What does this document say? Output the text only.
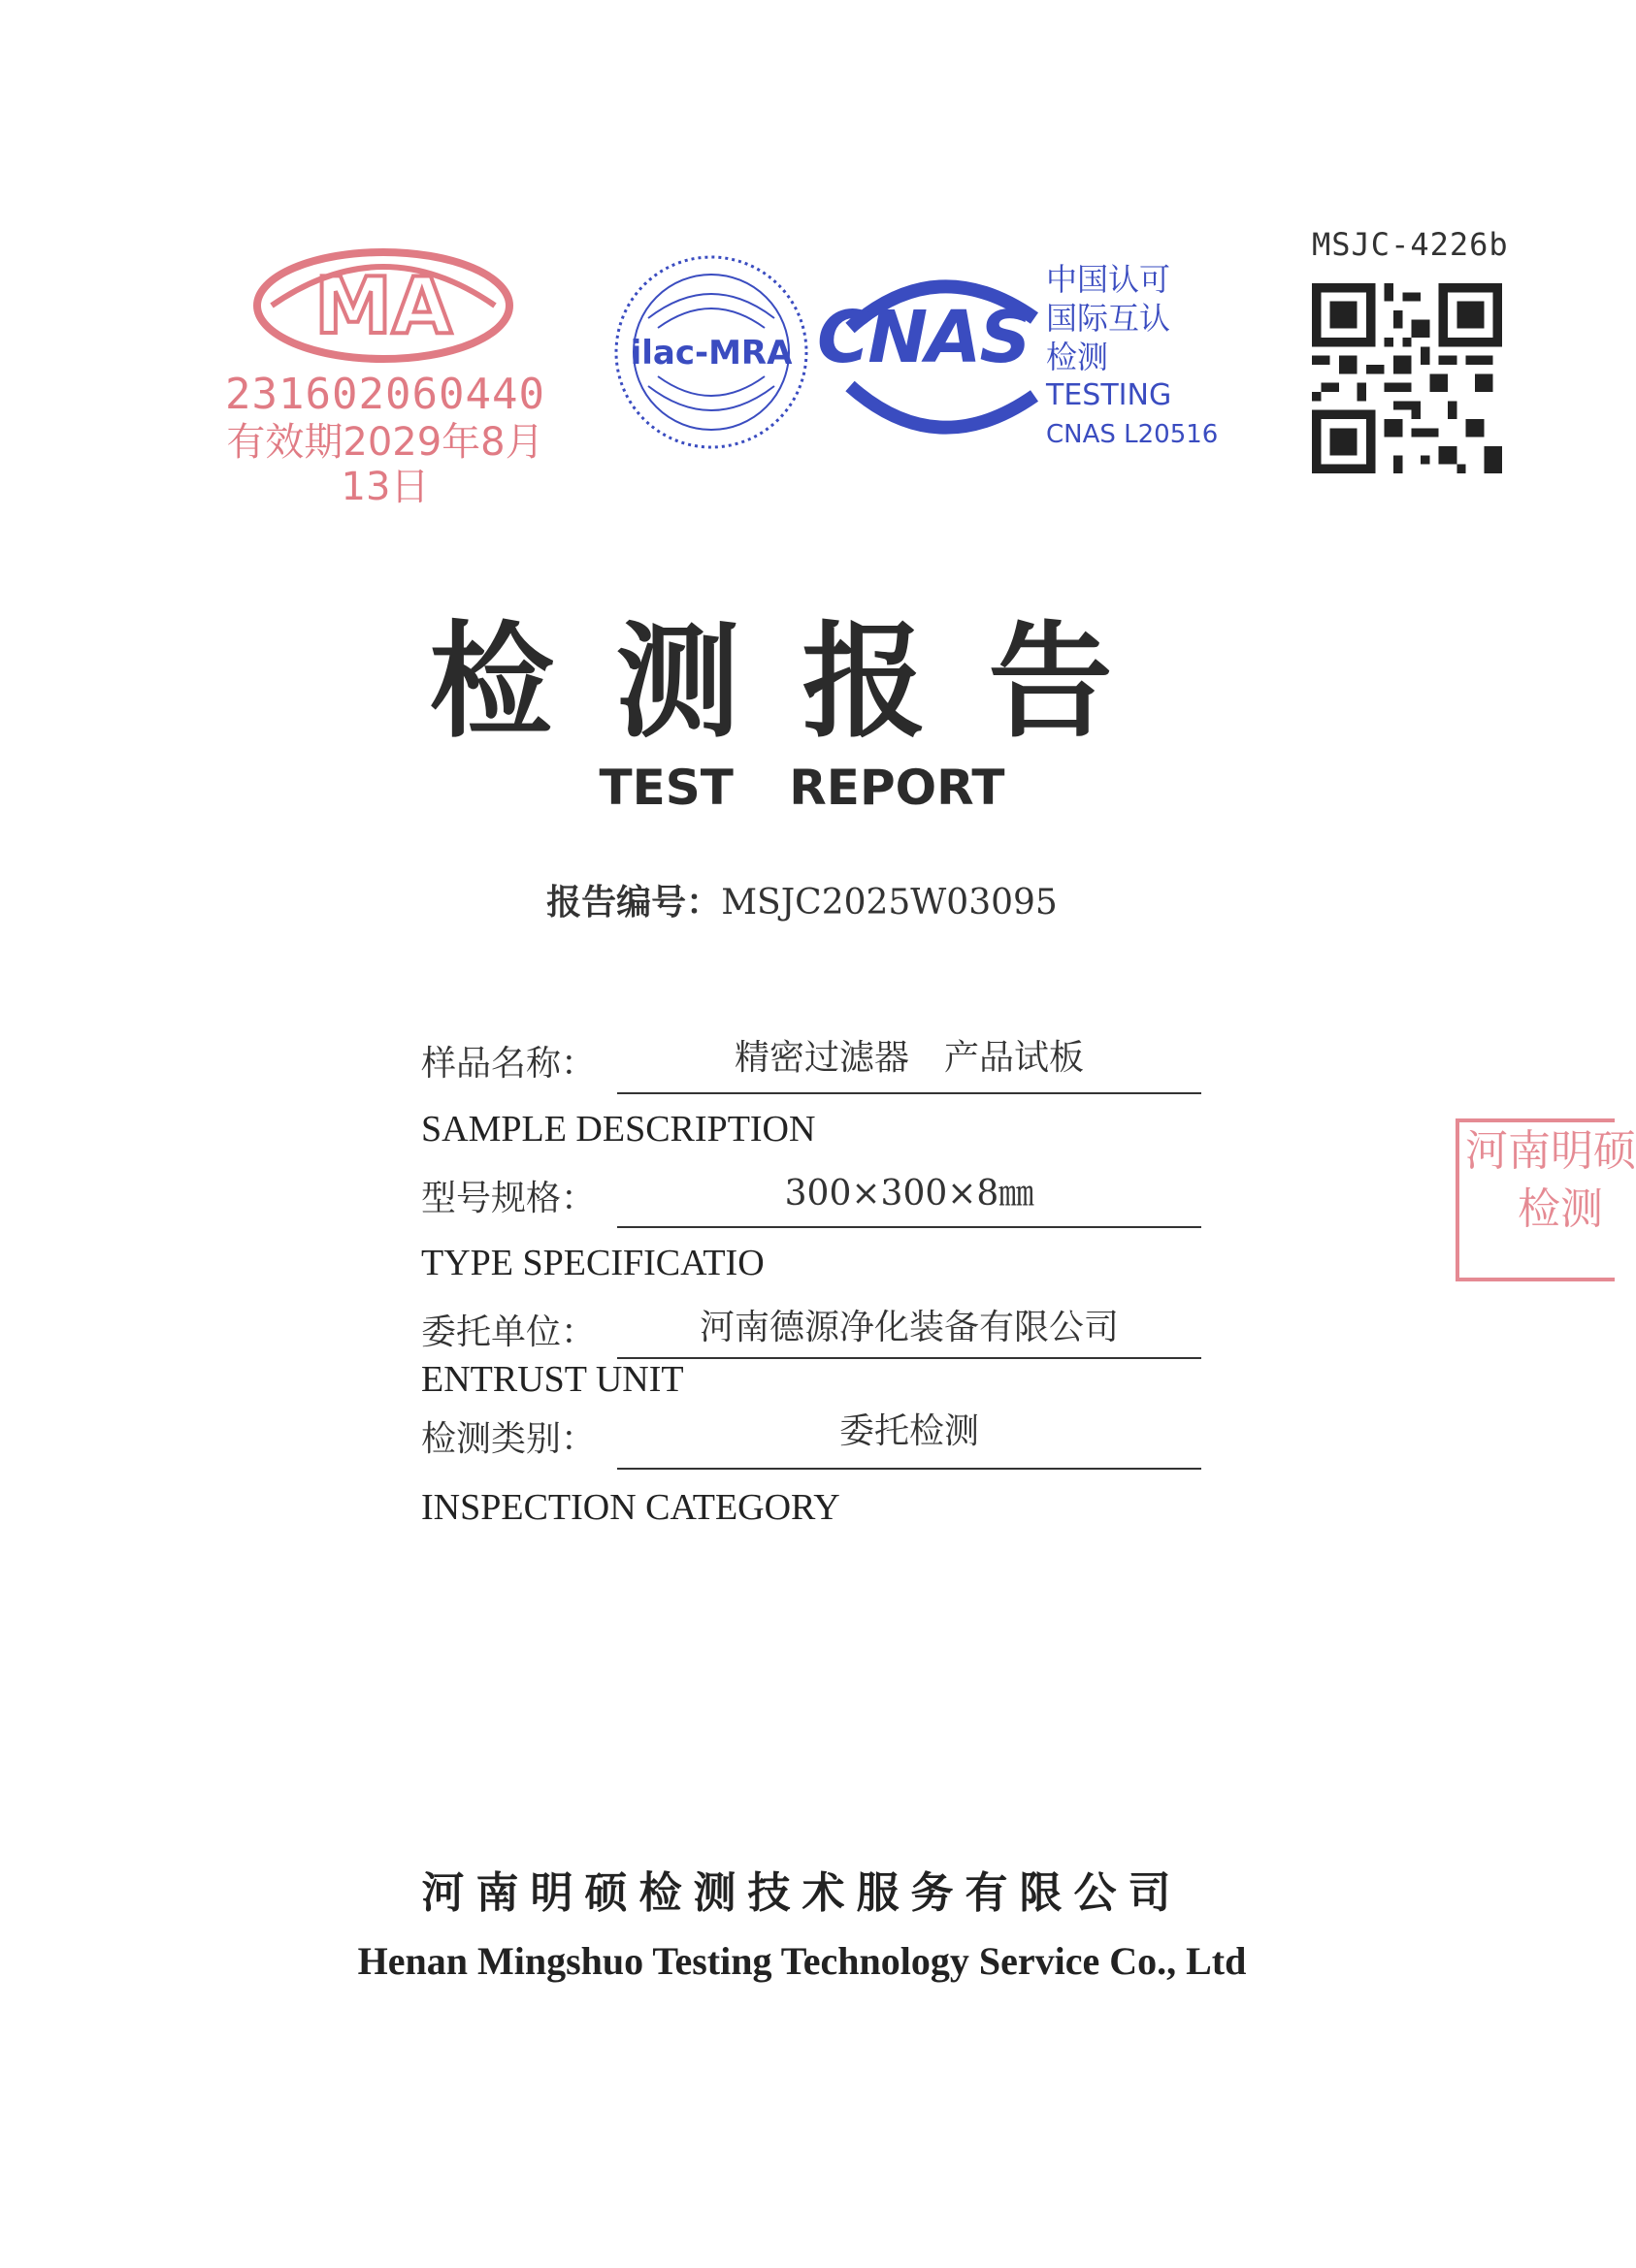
MA
231602060440
有效期2029年8月13日
ilac-MRA CNAS
中国认可
国际互认
检测
TESTING
CNAS L20516
MSJC-4226b
检测报告
TEST REPORT
报告编号：MSJC2025W03095
样品名称：	精密过滤器　产品试板
SAMPLE DESCRIPTION
型号规格：	300×300×8㎜
TYPE SPECIFICATIO
委托单位：	河南德源净化装备有限公司
ENTRUST UNIT
检测类别：	委托检测
INSPECTION CATEGORY
河南明硕
检测
河南明硕检测技术服务有限公司
Henan Mingshuo Testing Technology Service Co., Ltd
